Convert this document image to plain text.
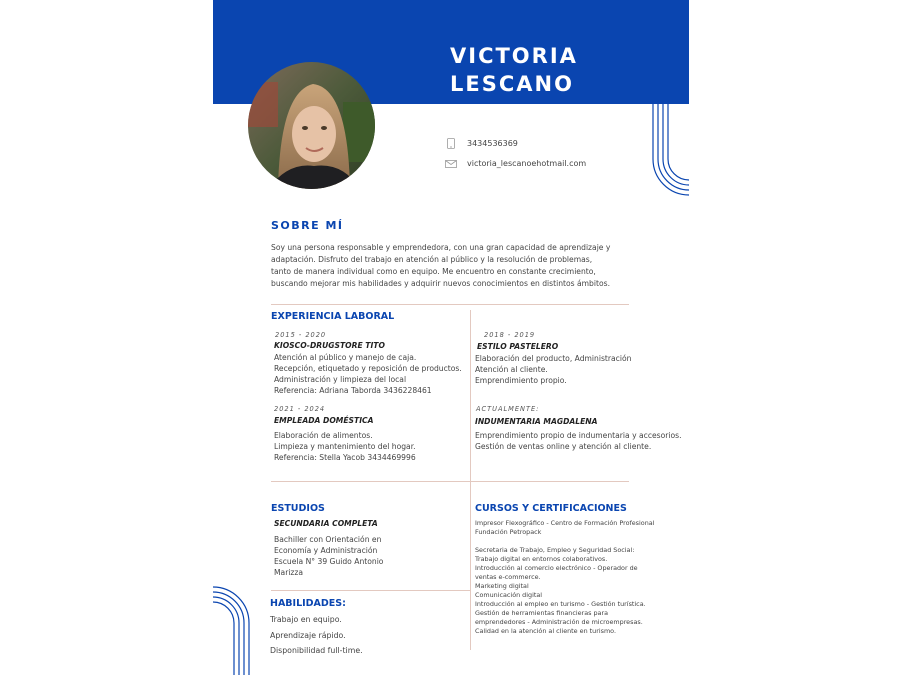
VICTORIA
LESCANO
3434536369
victoria_lescanoehotmail.com
SOBRE MÍ
Soy una persona responsable y emprendedora, con una gran capacidad de aprendizaje y
adaptación. Disfruto del trabajo en atención al público y la resolución de problemas,
tanto de manera individual como en equipo. Me encuentro en constante crecimiento,
buscando mejorar mis habilidades y adquirir nuevos conocimientos en distintos ámbitos.
EXPERIENCIA LABORAL
2015 - 2020
KIOSCO-DRUGSTORE TITO
Atención al público y manejo de caja.
Recepción, etiquetado y reposición de productos.
Administración y limpieza del local
Referencia: Adriana Taborda 3436228461
2018 - 2019
ESTILO PASTELERO
Elaboración del producto, Administración
Atención al cliente.
Emprendimiento propio.
2021 - 2024
EMPLEADA DOMÉSTICA
Elaboración de alimentos.
Limpieza y mantenimiento del hogar.
Referencia: Stella Yacob 3434469996
ACTUALMENTE:
INDUMENTARIA MAGDALENA
Emprendimiento propio de indumentaria y accesorios.
Gestión de ventas online y atención al cliente.
ESTUDIOS
SECUNDARIA COMPLETA
Bachiller con Orientación en
Economía y Administración
Escuela N° 39 Guido Antonio
Marizza
HABILIDADES:
Trabajo en equipo.
Aprendizaje rápido.
Disponibilidad full-time.
CURSOS Y CERTIFICACIONES
Impresor Flexográfico - Centro de Formación Profesional
Fundación Petropack
Secretaria de Trabajo, Empleo y Seguridad Social:
Trabajo digital en entornos colaborativos.
Introducción al comercio electrónico - Operador de
ventas e-commerce.
Marketing digital
Comunicación digital
Introducción al empleo en turismo - Gestión turística.
Gestión de herramientas financieras para
emprendedores - Administración de microempresas.
Calidad en la atención al cliente en turismo.
